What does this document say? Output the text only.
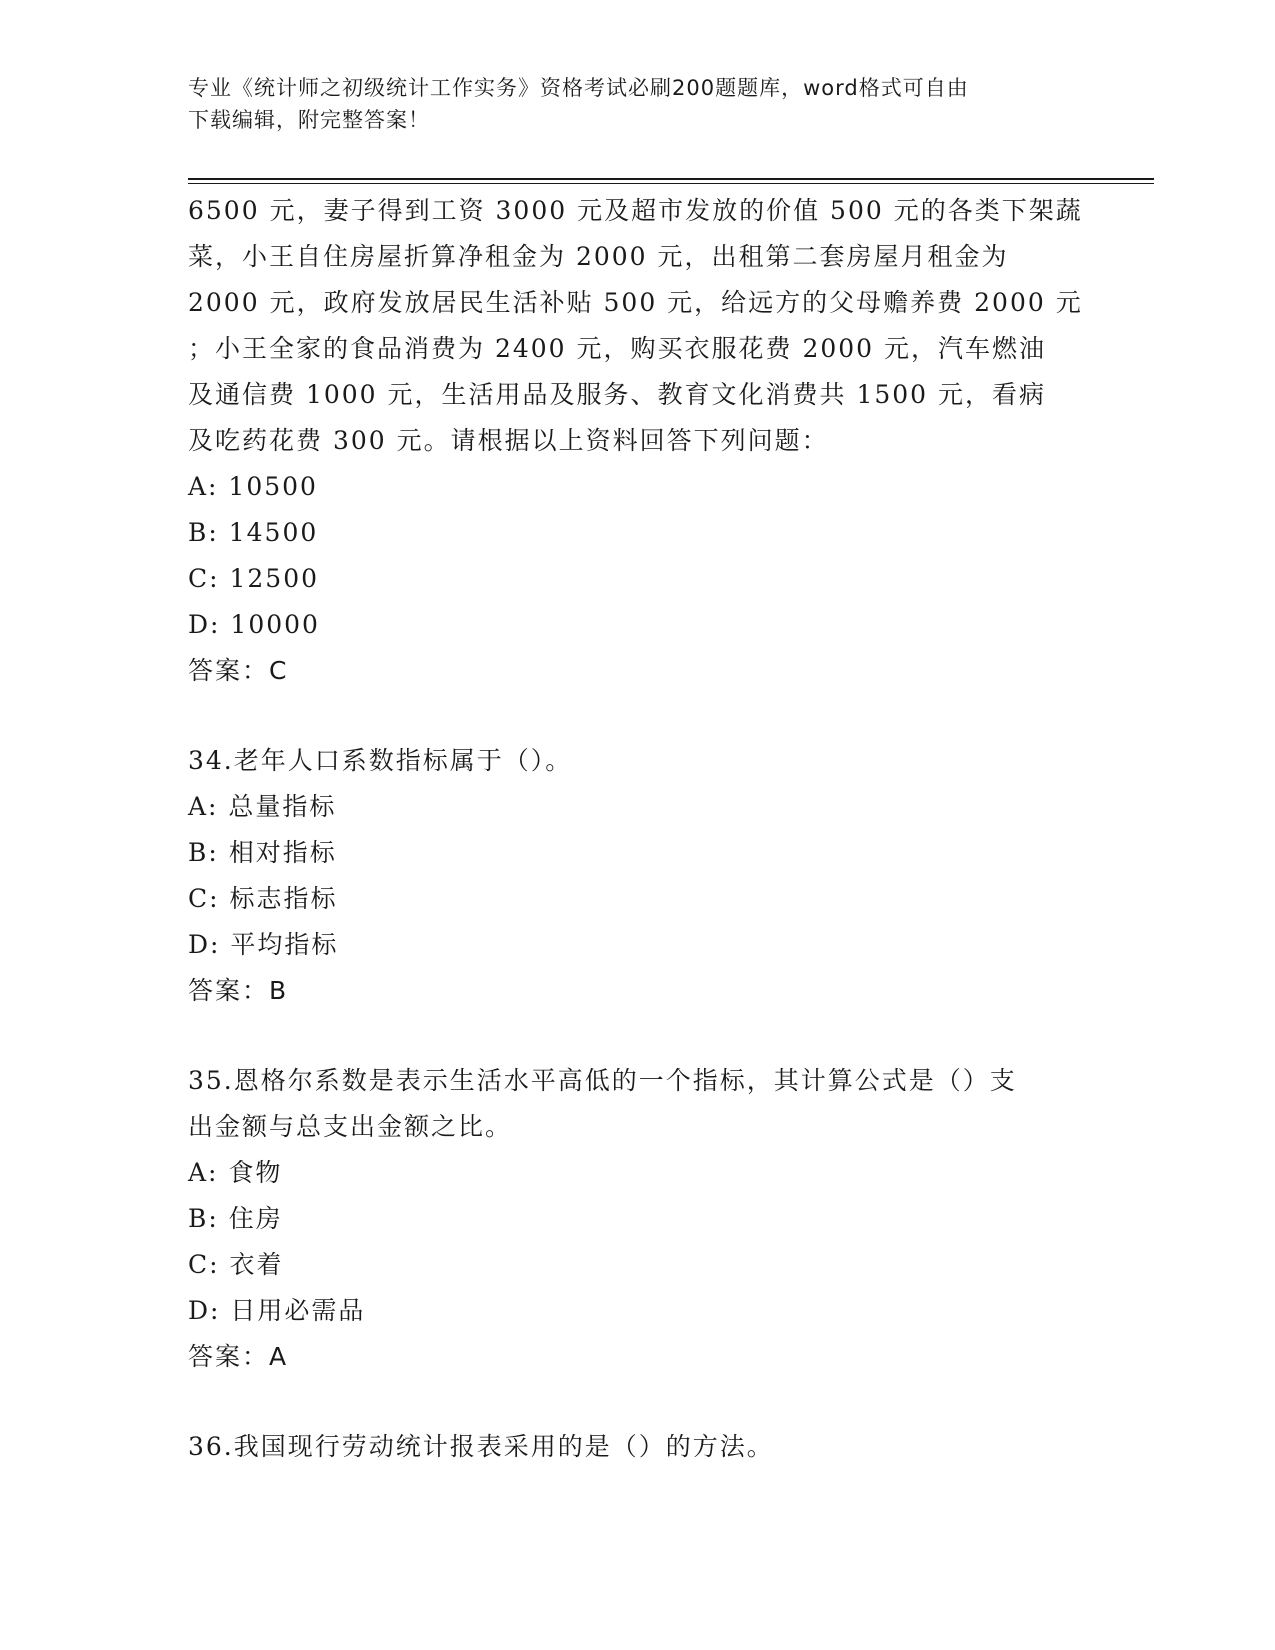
专业《统计师之初级统计工作实务》资格考试必刷200题题库，word格式可自由
下载编辑，附完整答案！
6500 元，妻子得到工资 3000 元及超市发放的价值 500 元的各类下架蔬
菜，小王自住房屋折算净租金为 2000 元，出租第二套房屋月租金为
2000 元，政府发放居民生活补贴 500 元，给远方的父母赡养费 2000 元
；小王全家的食品消费为 2400 元，购买衣服花费 2000 元，汽车燃油
及通信费 1000 元，生活用品及服务、教育文化消费共 1500 元，看病
及吃药花费 300 元。请根据以上资料回答下列问题：
A: 10500
B: 14500
C: 12500
D: 10000
答案：C
34.老年人口系数指标属于（）。
A: 总量指标
B: 相对指标
C: 标志指标
D: 平均指标
答案：B
35.恩格尔系数是表示生活水平高低的一个指标，其计算公式是（）支
出金额与总支出金额之比。
A: 食物
B: 住房
C: 衣着
D: 日用必需品
答案：A
36.我国现行劳动统计报表采用的是（）的方法。
